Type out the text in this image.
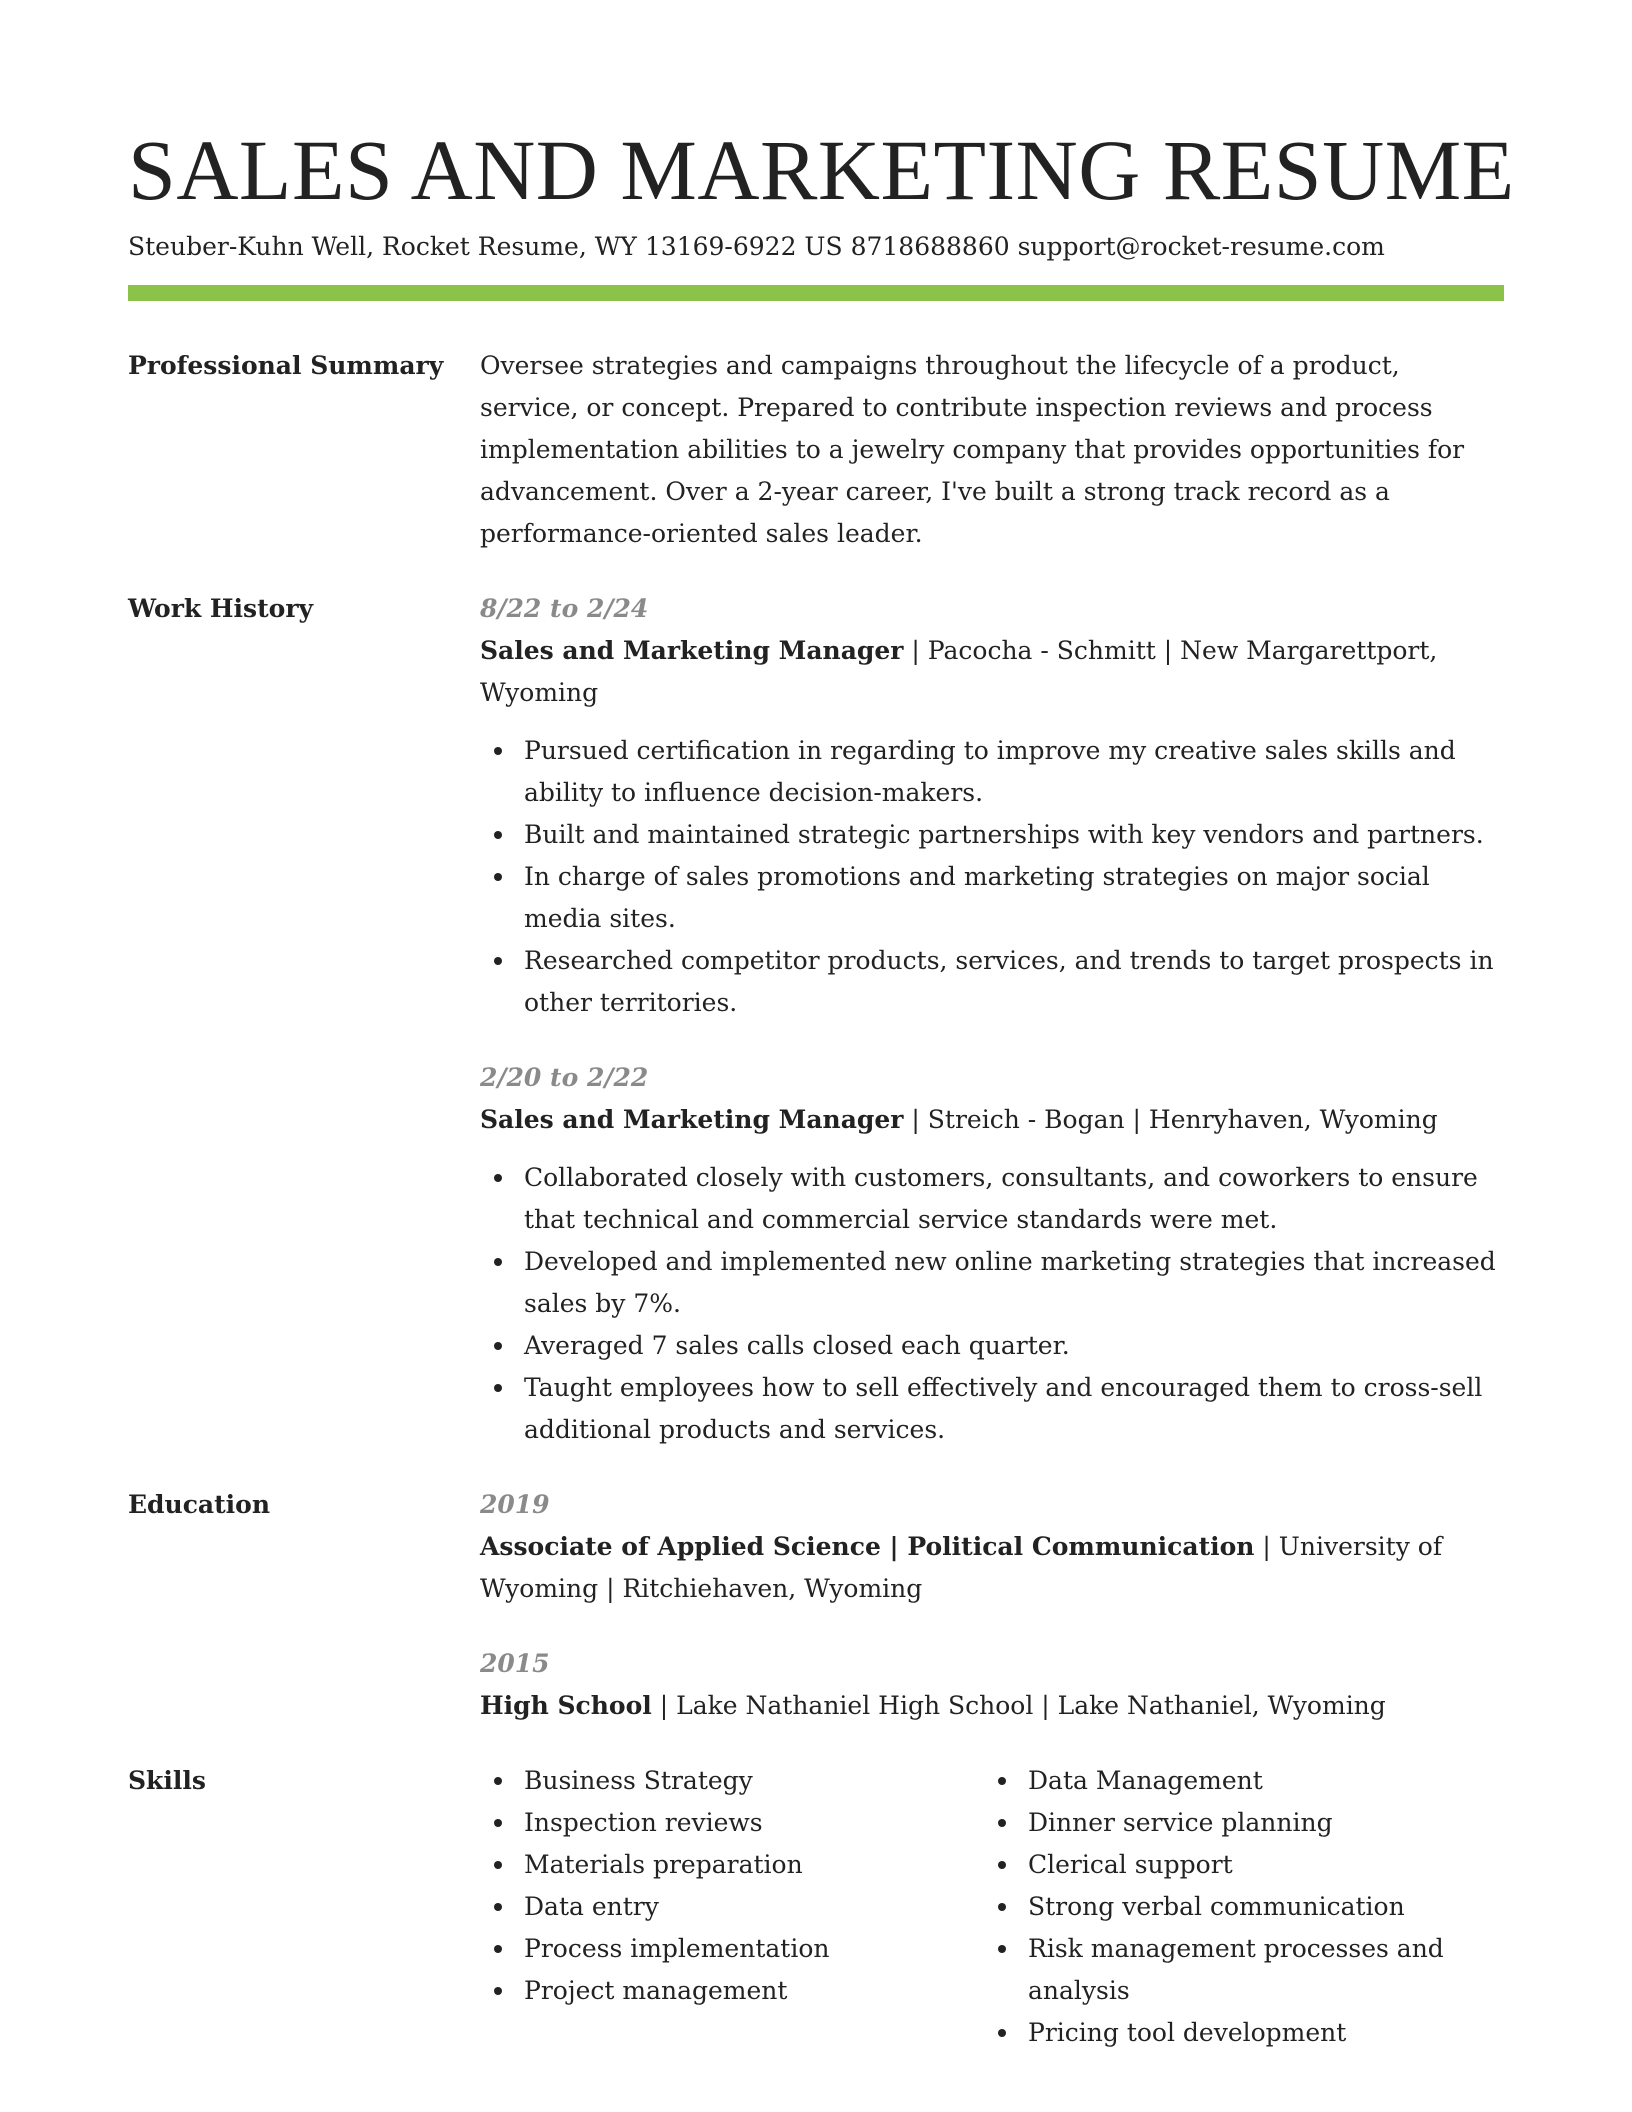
SALES AND MARKETING RESUME
Steuber-Kuhn Well, Rocket Resume, WY 13169-6922 US 8718688860 support@rocket-resume.com
Professional Summary	Oversee strategies and campaigns throughout the lifecycle of a product, service, or concept. Prepared to contribute inspection reviews and process implementation abilities to a jewelry company that provides opportunities for advancement. Over a 2-year career, I've built a strong track record as a performance-oriented sales leader.
Work History	8/22 to 2/24
Sales and Marketing Manager | Pacocha - Schmitt | New Margarettport, Wyoming
Pursued certification in regarding to improve my creative sales skills and ability to influence decision-makers.
Built and maintained strategic partnerships with key vendors and partners.
In charge of sales promotions and marketing strategies on major social media sites.
Researched competitor products, services, and trends to target prospects in other territories.
2/20 to 2/22
Sales and Marketing Manager | Streich - Bogan | Henryhaven, Wyoming
Collaborated closely with customers, consultants, and coworkers to ensure that technical and commercial service standards were met.
Developed and implemented new online marketing strategies that increased sales by 7%.
Averaged 7 sales calls closed each quarter.
Taught employees how to sell effectively and encouraged them to cross-sell additional products and services.
Education	2019
Associate of Applied Science | Political Communication | University of Wyoming | Ritchiehaven, Wyoming
2015
High School | Lake Nathaniel High School | Lake Nathaniel, Wyoming
Skills	Business Strategy
Inspection reviews
Materials preparation
Data entry
Process implementation
Project management
Data Management
Dinner service planning
Clerical support
Strong verbal communication
Risk management processes and analysis
Pricing tool development
